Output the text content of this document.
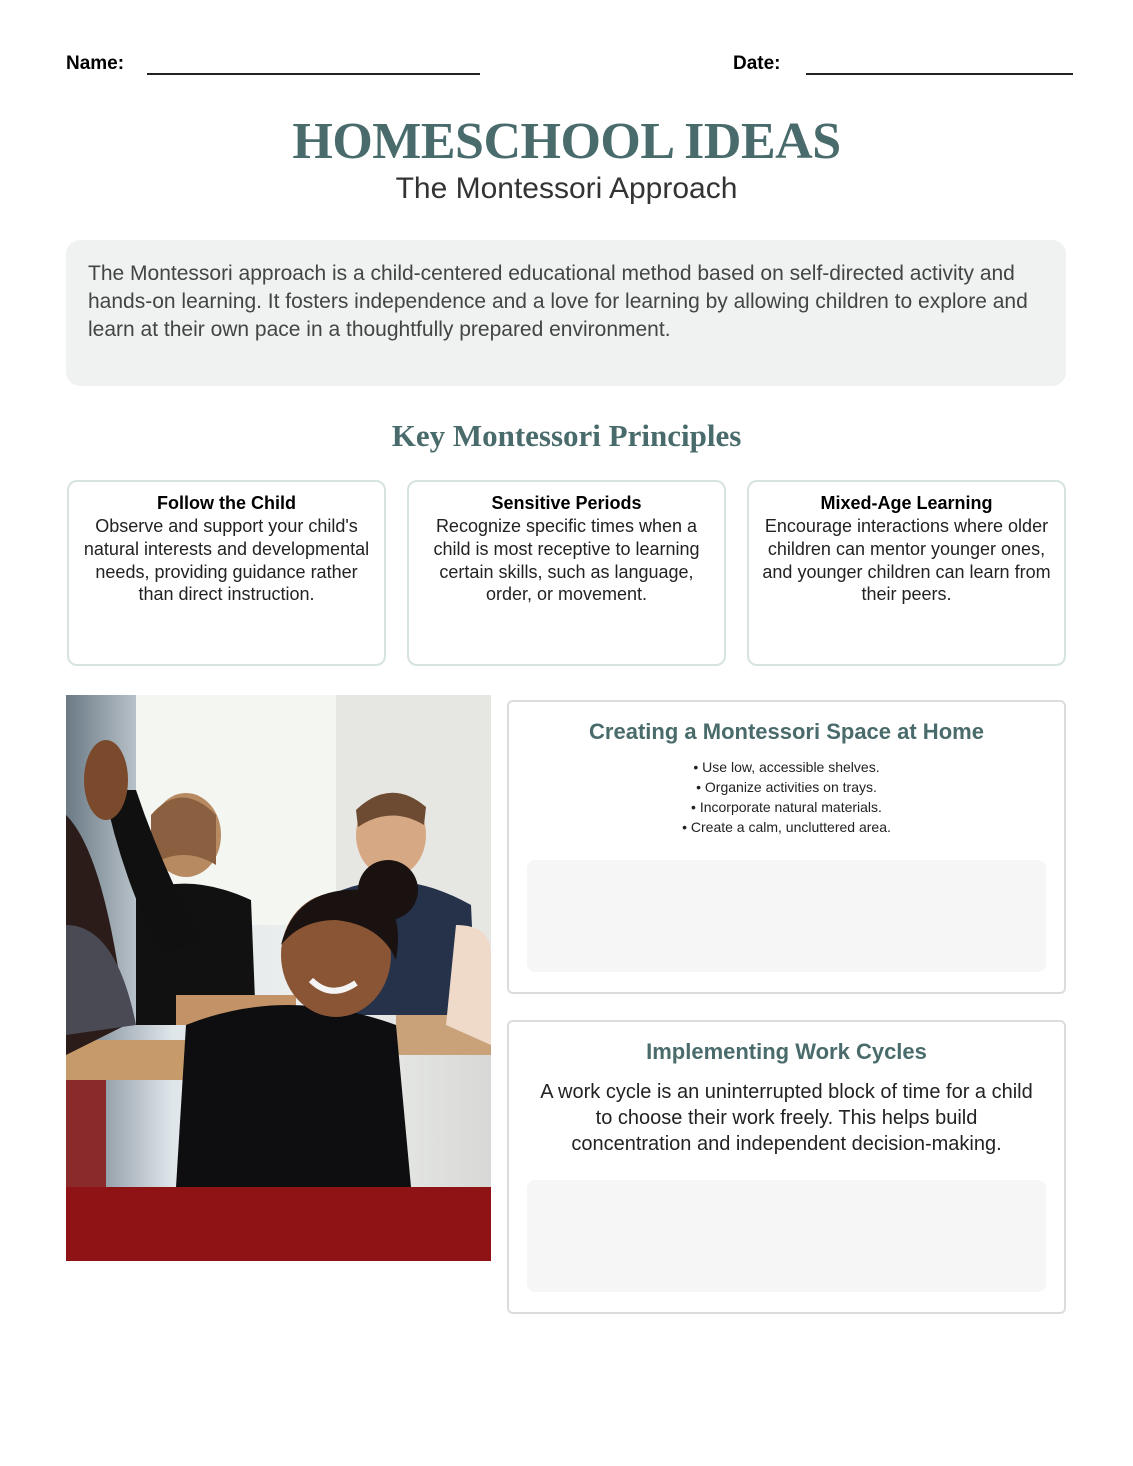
Name:	Date:
HOMESCHOOL IDEAS
The Montessori Approach
The Montessori approach is a child-centered educational method based on self-directed activity and hands-on learning. It fosters independence and a love for learning by allowing children to explore and learn at their own pace in a thoughtfully prepared environment.
Key Montessori Principles
Follow the Child
Observe and support your child's natural interests and developmental needs, providing guidance rather than direct instruction.
Sensitive Periods
Recognize specific times when a child is most receptive to learning certain skills, such as language, order, or movement.
Mixed-Age Learning
Encourage interactions where older children can mentor younger ones, and younger children can learn from their peers.
Creating a Montessori Space at Home
• Use low, accessible shelves.
• Organize activities on trays.
• Incorporate natural materials.
• Create a calm, uncluttered area.
Implementing Work Cycles
A work cycle is an uninterrupted block of time for a child to choose their work freely. This helps build concentration and independent decision-making.
